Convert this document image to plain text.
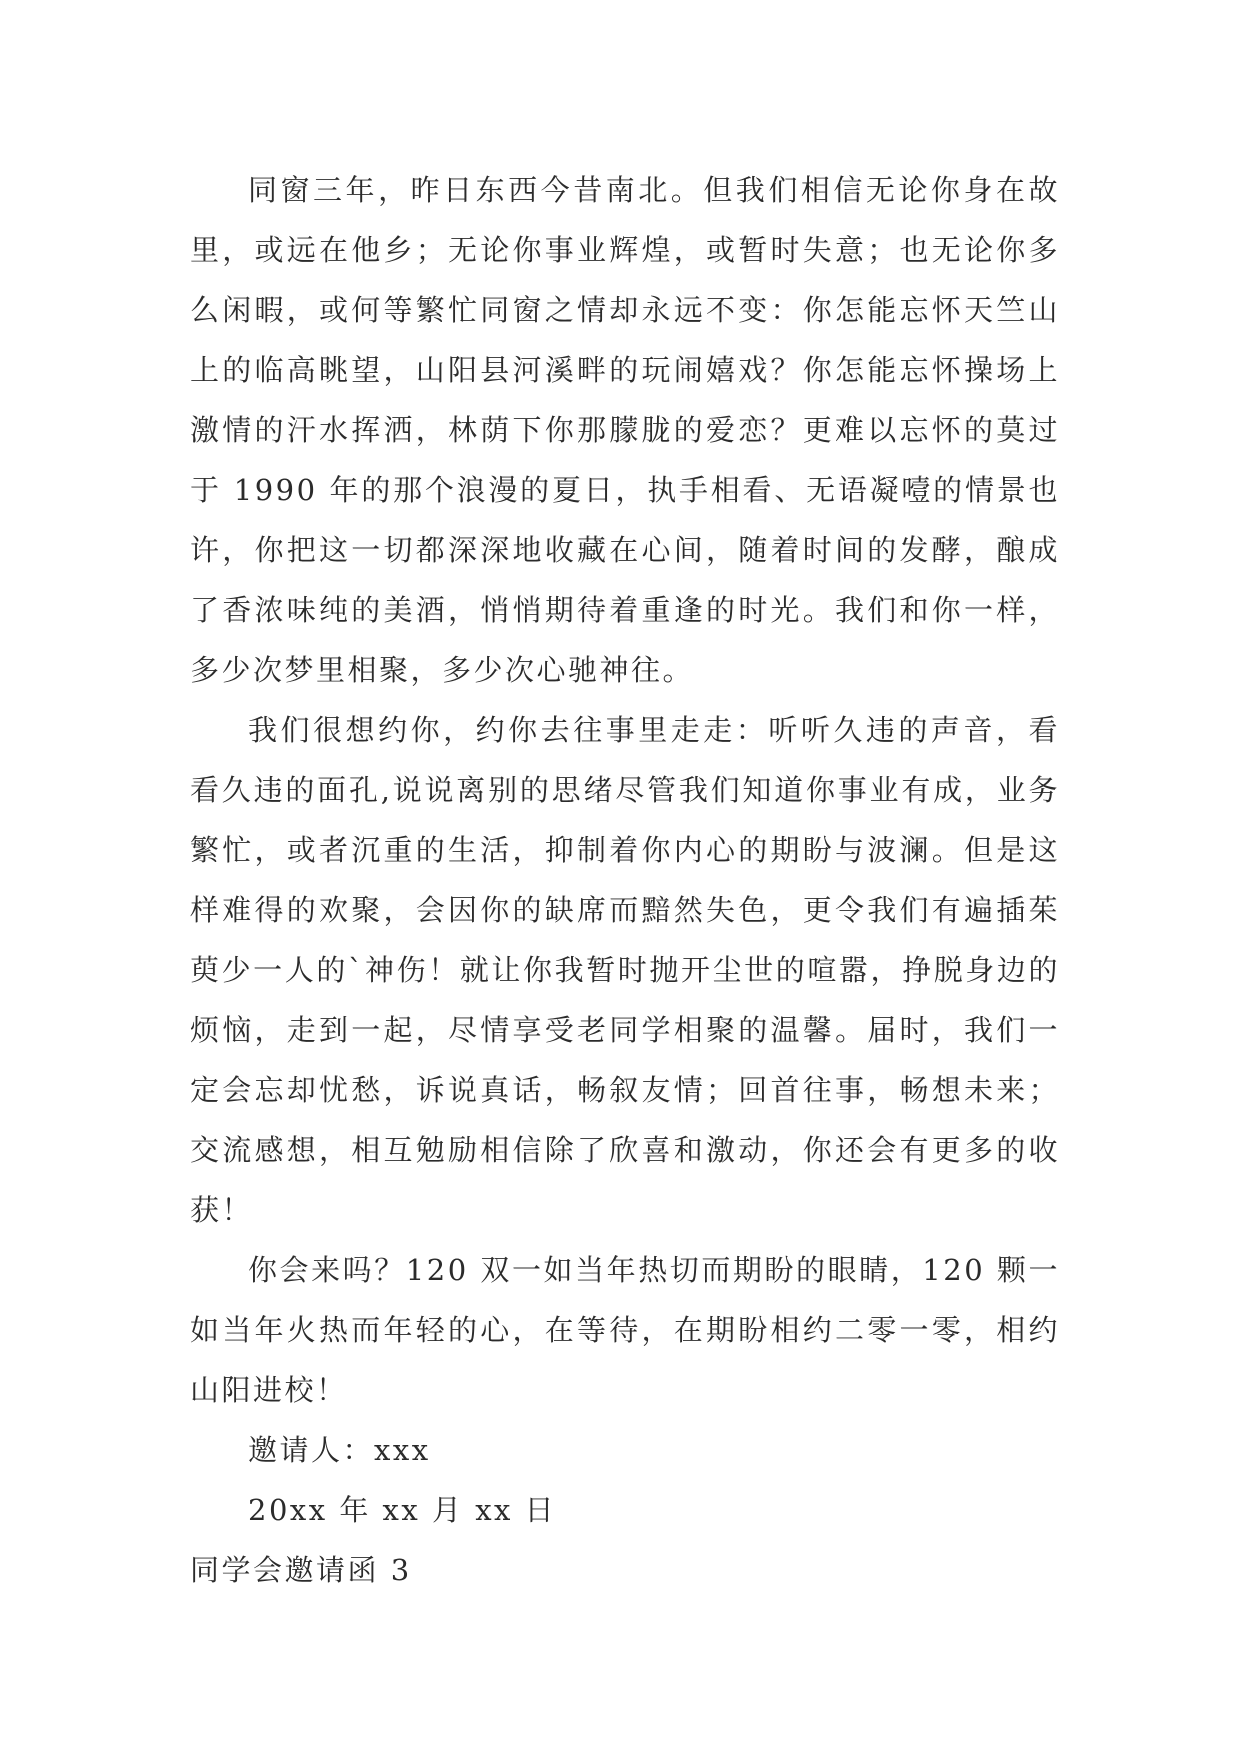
同窗三年，昨日东西今昔南北。但我们相信无论你身在故里，或远在他乡；无论你事业辉煌，或暂时失意；也无论你多么闲暇，或何等繁忙同窗之情却永远不变：你怎能忘怀天竺山上的临高眺望，山阳县河溪畔的玩闹嬉戏？你怎能忘怀操场上激情的汗水挥洒，林荫下你那朦胧的爱恋？更难以忘怀的莫过于 1990 年的那个浪漫的夏日，执手相看、无语凝噎的情景也许，你把这一切都深深地收藏在心间，随着时间的发酵，酿成了香浓味纯的美酒，悄悄期待着重逢的时光。我们和你一样，多少次梦里相聚，多少次心驰神往。

我们很想约你，约你去往事里走走：听听久违的声音，看看久违的面孔,说说离别的思绪尽管我们知道你事业有成，业务繁忙，或者沉重的生活，抑制着你内心的期盼与波澜。但是这样难得的欢聚，会因你的缺席而黯然失色，更令我们有遍插茱萸少一人的`神伤！就让你我暂时抛开尘世的喧嚣，挣脱身边的烦恼，走到一起，尽情享受老同学相聚的温馨。届时，我们一定会忘却忧愁，诉说真话，畅叙友情；回首往事，畅想未来；交流感想，相互勉励相信除了欣喜和激动，你还会有更多的收获！

你会来吗？120 双一如当年热切而期盼的眼睛，120 颗一如当年火热而年轻的心，在等待，在期盼相约二零一零，相约山阳进校！

邀请人：xxx

20xx 年 xx 月 xx 日

同学会邀请函 3
